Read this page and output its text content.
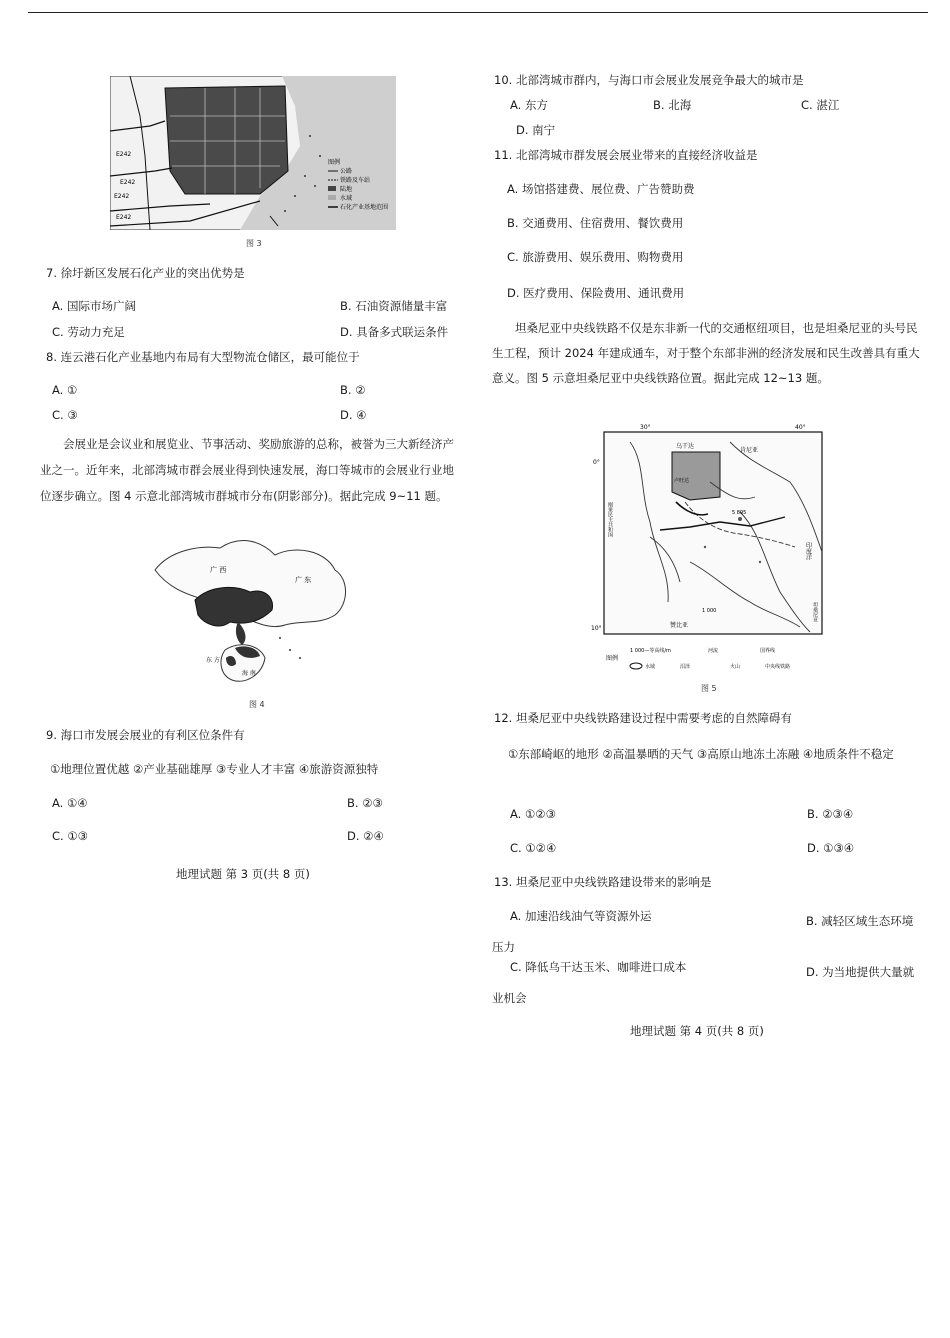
E242
E242
E242
E242
图例
公路
铁路及车站
陆地
水域
石化产业基地范围
图 3
7. 徐圩新区发展石化产业的突出优势是
A. 国际市场广阔	B. 石油资源储量丰富
C. 劳动力充足	D. 具备多式联运条件
8. 连云港石化产业基地内布局有大型物流仓储区，最可能位于
A. ①	B. ②
C. ③	D. ④
会展业是会议业和展览业、节事活动、奖励旅游的总称，被誉为三大新经济产业之一。近年来，北部湾城市群会展业得到快速发展，海口等城市的会展业行业地位逐步确立。图 4 示意北部湾城市群城市分布(阴影部分)。据此完成 9~11 题。
广 西
广 东
海 南
东 方
图 4
9. 海口市发展会展业的有利区位条件有
①地理位置优越 ②产业基础雄厚 ③专业人才丰富 ④旅游资源独特
A. ①④	B. ②③
C. ①③	D. ②④
地理试题 第 3 页(共 8 页)
10. 北部湾城市群内，与海口市会展业发展竞争最大的城市是
A. 东方	B. 北海	C. 湛江
D. 南宁
11. 北部湾城市群发展会展业带来的直接经济收益是
A. 场馆搭建费、展位费、广告赞助费
B. 交通费用、住宿费用、餐饮费用
C. 旅游费用、娱乐费用、购物费用
D. 医疗费用、保险费用、通讯费用
坦桑尼亚中央线铁路不仅是东非新一代的交通枢纽项目，也是坦桑尼亚的头号民生工程，预计 2024 年建成通车，对于整个东部非洲的经济发展和民生改善具有重大意义。图 5 示意坦桑尼亚中央线铁路位置。据此完成 12~13 题。
30°	40°
0°
10°
乌干达
卢旺达
肯尼亚
刚果民主共和国
印度洋
赞比亚
坦桑尼亚
5 895
1 000
图例
1 000—等高线/m	河流	国界线
水域	沼泽	火山	中央线铁路
图 5
12. 坦桑尼亚中央线铁路建设过程中需要考虑的自然障碍有
①东部崎岖的地形 ②高温暴晒的天气 ③高原山地冻土冻融 ④地质条件不稳定
A. ①②③	B. ②③④
C. ①②④	D. ①③④
13. 坦桑尼亚中央线铁路建设带来的影响是
A. 加速沿线油气等资源外运	B. 减轻区域生态环境压力
C. 降低乌干达玉米、咖啡进口成本	D. 为当地提供大量就业机会
地理试题 第 4 页(共 8 页)
